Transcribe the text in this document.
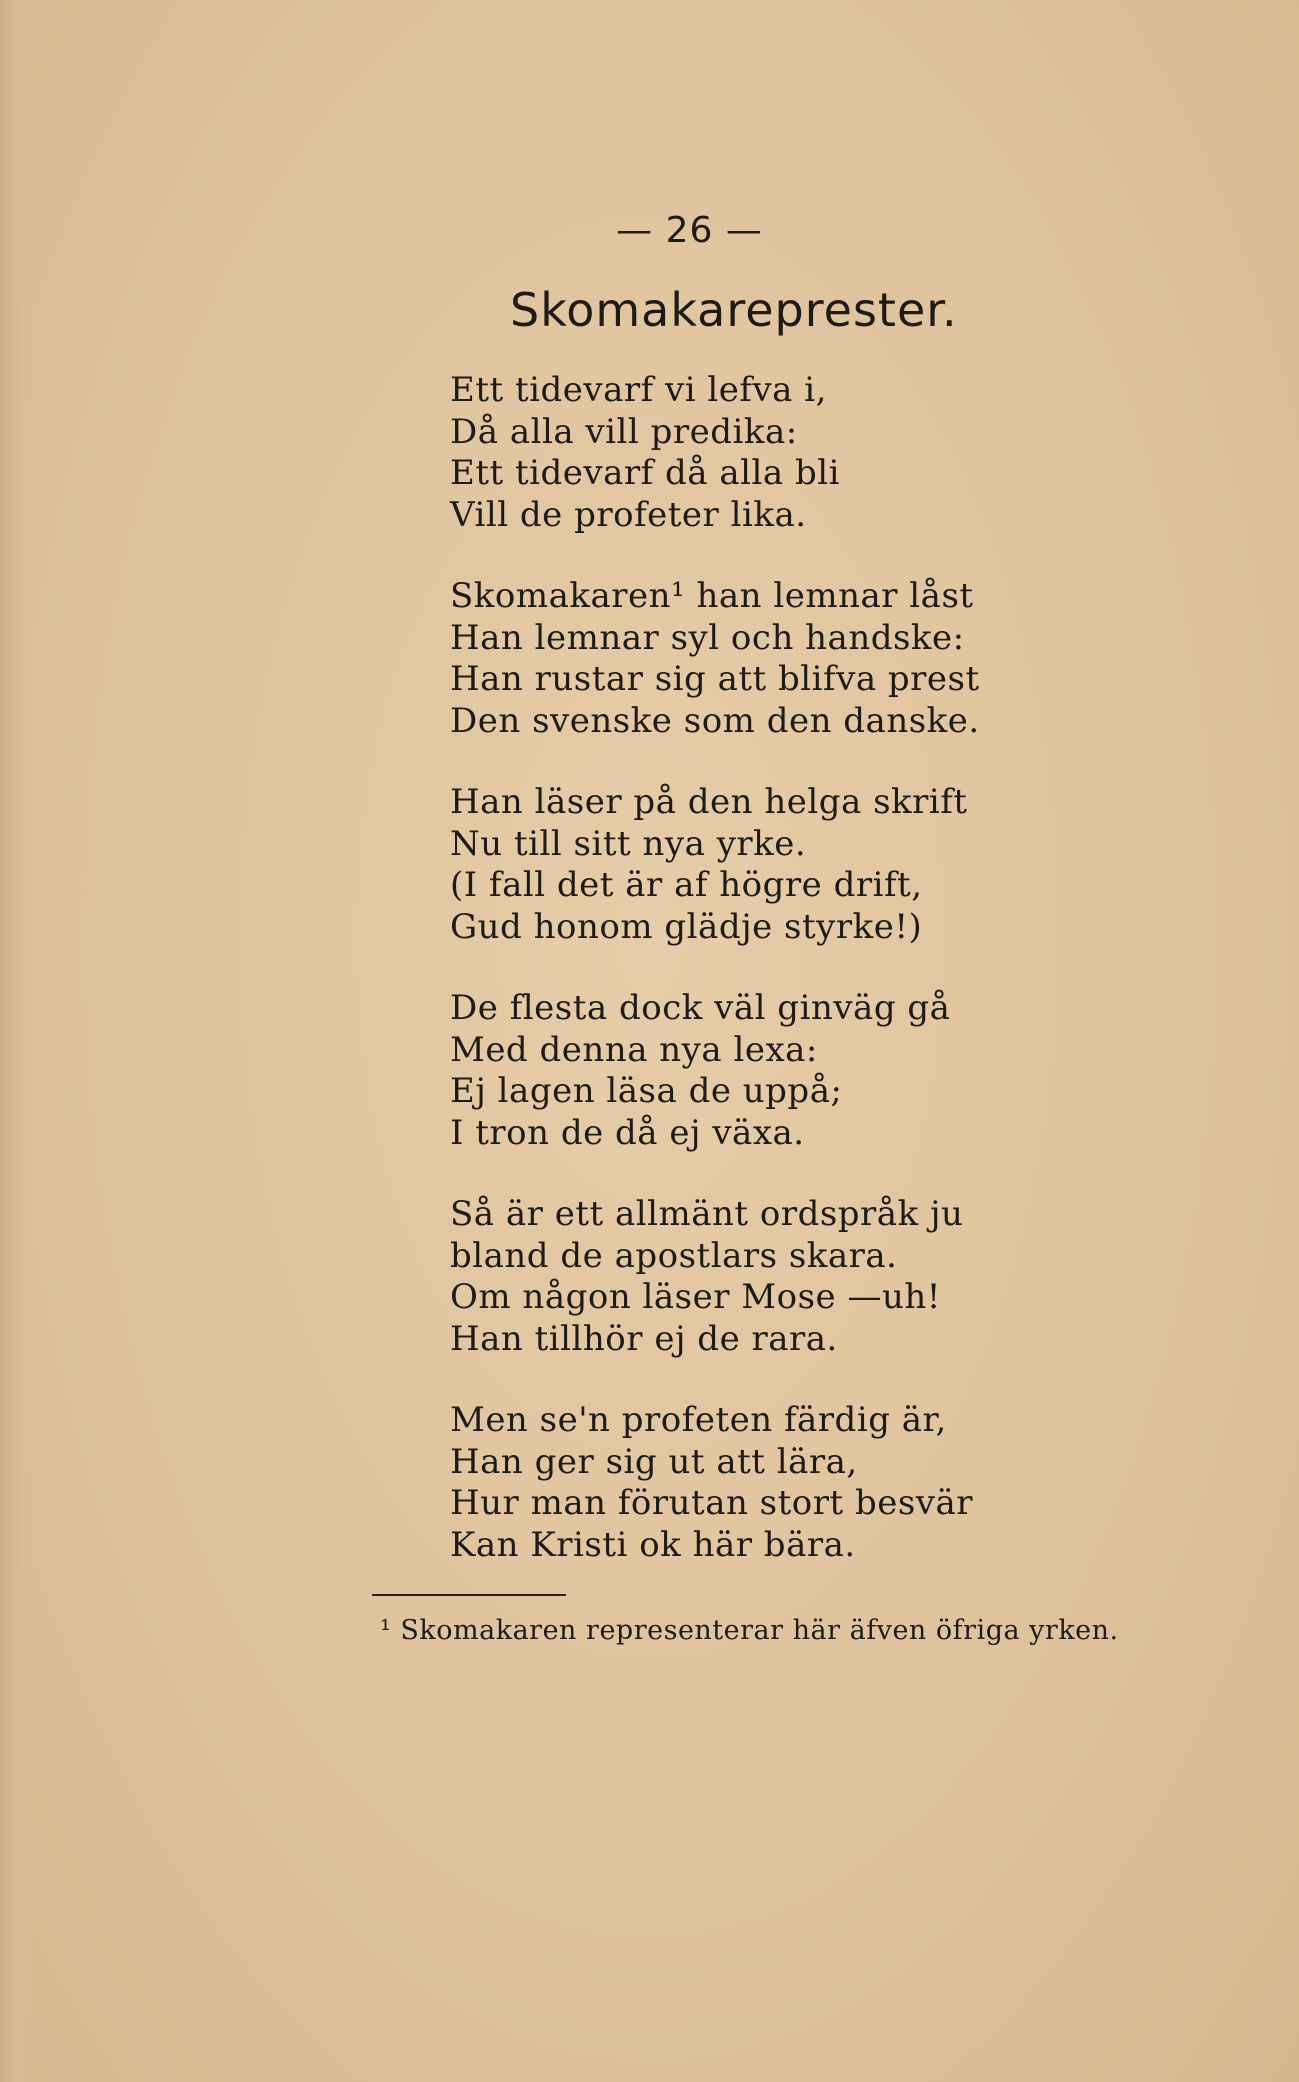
— 26 —
Skomakareprester.
Ett tidevarf vi lefva i,
Då alla vill predika:
Ett tidevarf då alla bli
Vill de profeter lika.
Skomakaren¹ han lemnar låst
Han lemnar syl och handske:
Han rustar sig att blifva prest
Den svenske som den danske.
Han läser på den helga skrift
Nu till sitt nya yrke.
(I fall det är af högre drift,
Gud honom glädje styrke!)
De flesta dock väl ginväg gå
Med denna nya lexa:
Ej lagen läsa de uppå;
I tron de då ej växa.
Så är ett allmänt ordspråk ju
bland de apostlars skara.
Om någon läser Mose —uh!
Han tillhör ej de rara.
Men se'n profeten färdig är,
Han ger sig ut att lära,
Hur man förutan stort besvär
Kan Kristi ok här bära.
¹ Skomakaren representerar här äfven öfriga yrken.
